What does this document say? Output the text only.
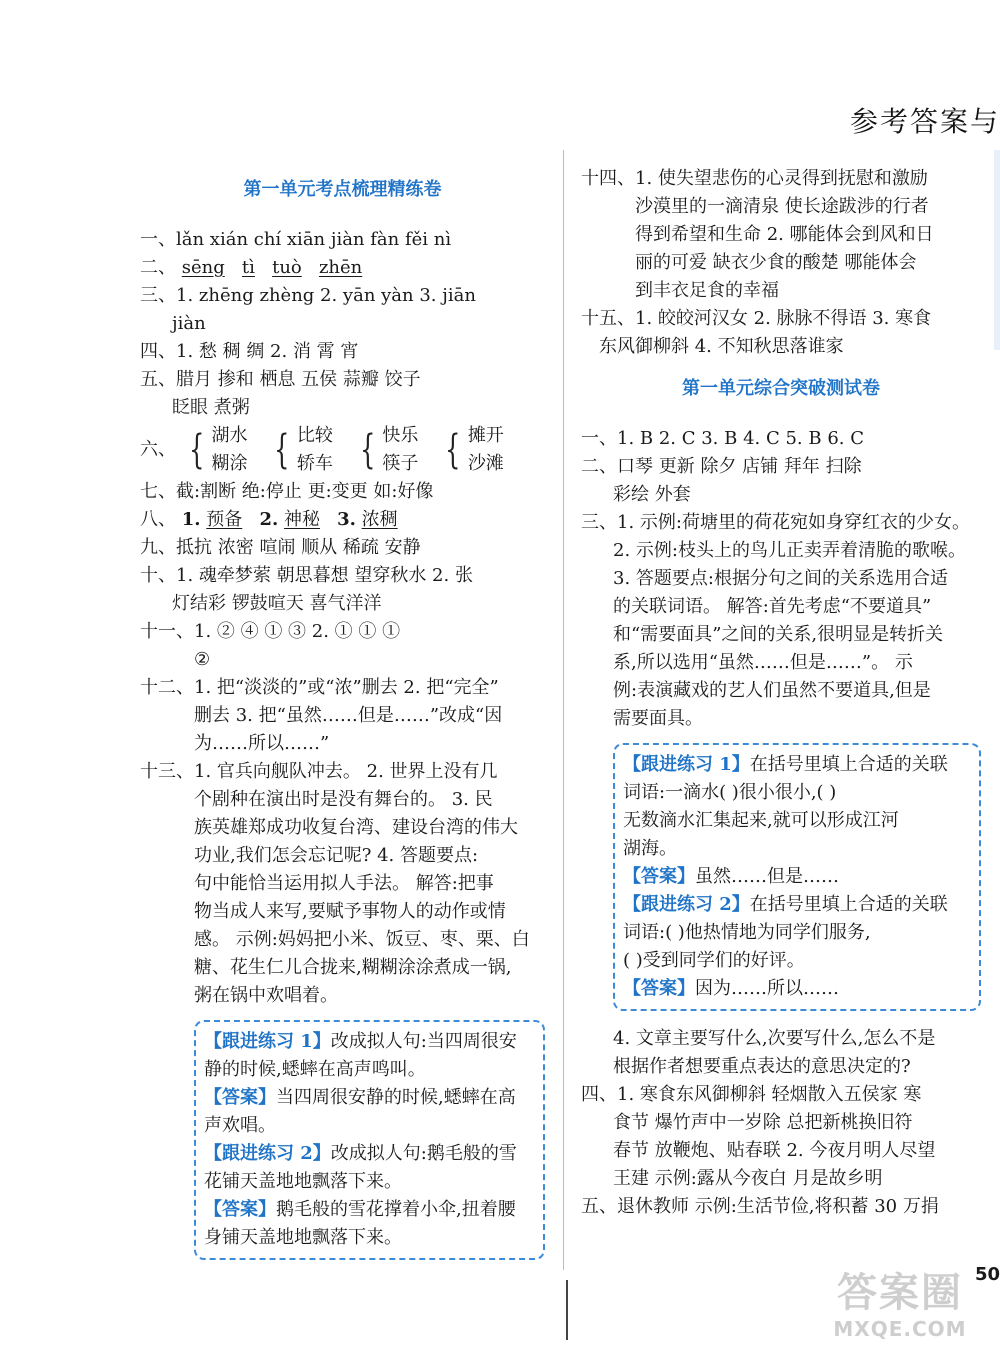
参考答案与
第一单元考点梳理精练卷
一、lǎn xián chí xiān jiàn fàn fěi nì
二、 sēng tì tuò zhēn
三、1. zhēng zhèng 2. yān yàn 3. jiān
jiàn
四、1. 愁 稠 绸 2. 消 霄 宵
五、腊月 掺和 栖息 五侯 蒜瓣 饺子
眨眼 煮粥
六、 { 湖水
糊涂 { 比较
轿车 { 快乐
筷子 { 摊开
沙滩
七、截:割断 绝:停止 更:变更 如:好像
八、 1. 预备 2. 神秘 3. 浓稠
九、抵抗 浓密 喧闹 顺从 稀疏 安静
十、1. 魂牵梦萦 朝思暮想 望穿秋水 2. 张
灯结彩 锣鼓喧天 喜气洋洋
十一、1. ② ④ ① ③ 2. ① ① ①
②
十二、1. 把“淡淡的”或“浓”删去 2. 把“完全”
删去 3. 把“虽然……但是……”改成“因
为……所以……”
十三、1. 官兵向舰队冲去。 2. 世界上没有几
个剧种在演出时是没有舞台的。 3. 民
族英雄郑成功收复台湾、建设台湾的伟大
功业,我们怎会忘记呢? 4. 答题要点:
句中能恰当运用拟人手法。 解答:把事
物当成人来写,要赋予事物人的动作或情
感。 示例:妈妈把小米、饭豆、枣、栗、白
糖、花生仁儿合拢来,糊糊涂涂煮成一锅,
粥在锅中欢唱着。
【跟进练习 1】改成拟人句:当四周很安
静的时候,蟋蟀在高声鸣叫。
【答案】当四周很安静的时候,蟋蟀在高
声欢唱。
【跟进练习 2】改成拟人句:鹅毛般的雪
花铺天盖地地飘落下来。
【答案】鹅毛般的雪花撑着小伞,扭着腰
身铺天盖地地飘落下来。
十四、1. 使失望悲伤的心灵得到抚慰和激励
沙漠里的一滴清泉 使长途跋涉的行者
得到希望和生命 2. 哪能体会到风和日
丽的可爱 缺衣少食的酸楚 哪能体会
到丰衣足食的幸福
十五、1. 皎皎河汉女 2. 脉脉不得语 3. 寒食
东风御柳斜 4. 不知秋思落谁家
第一单元综合突破测试卷
一、1. B 2. C 3. B 4. C 5. B 6. C
二、口琴 更新 除夕 店铺 拜年 扫除
彩绘 外套
三、1. 示例:荷塘里的荷花宛如身穿红衣的少女。
2. 示例:枝头上的鸟儿正卖弄着清脆的歌喉。
3. 答题要点:根据分句之间的关系选用合适
的关联词语。 解答:首先考虑“不要道具”
和“需要面具”之间的关系,很明显是转折关
系,所以选用“虽然……但是……”。 示
例:表演藏戏的艺人们虽然不要道具,但是
需要面具。
【跟进练习 1】在括号里填上合适的关联
词语:一滴水( )很小很小,( )
无数滴水汇集起来,就可以形成江河
湖海。
【答案】虽然……但是……
【跟进练习 2】在括号里填上合适的关联
词语:( )他热情地为同学们服务,
( )受到同学们的好评。
【答案】因为……所以……
4. 文章主要写什么,次要写什么,怎么不是
根据作者想要重点表达的意思决定的?
四、1. 寒食东风御柳斜 轻烟散入五侯家 寒
食节 爆竹声中一岁除 总把新桃换旧符
春节 放鞭炮、贴春联 2. 今夜月明人尽望
王建 示例:露从今夜白 月是故乡明
五、退休教师 示例:生活节俭,将积蓄 30 万捐
50
答案圈
MXQE.COM
